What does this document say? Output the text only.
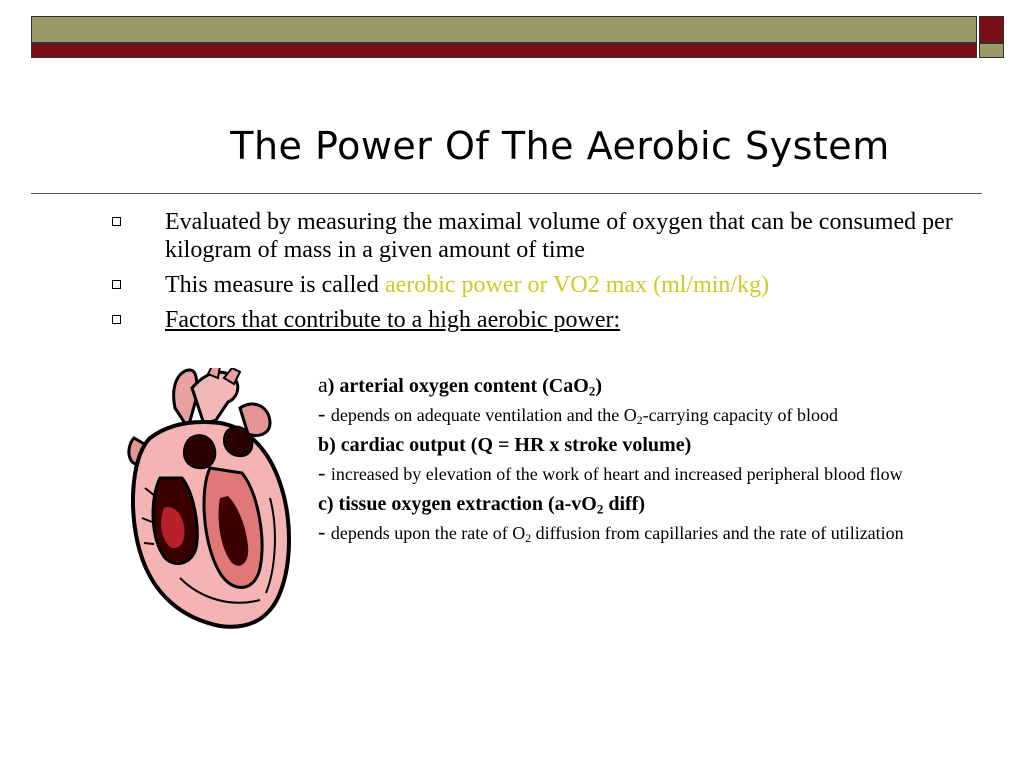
The Power Of The Aerobic System
Evaluated by measuring the maximal volume of oxygen that can be consumed per kilogram of mass in a given amount of time
This measure is called aerobic power or VO2 max (ml/min/kg)
Factors that contribute to a high aerobic power:

a) arterial oxygen content (CaO$_2$)

- depends on adequate ventilation and the $O_2$-carrying capacity of blood

b) cardiac output (Q = HR x stroke volume)

- increased by elevation of the work of heart and increased peripheral blood flow

c) tissue oxygen extraction ($a-vO_2$ diff)

- depends upon the rate of $O_2$ diffusion from capillaries and the rate of utilization
